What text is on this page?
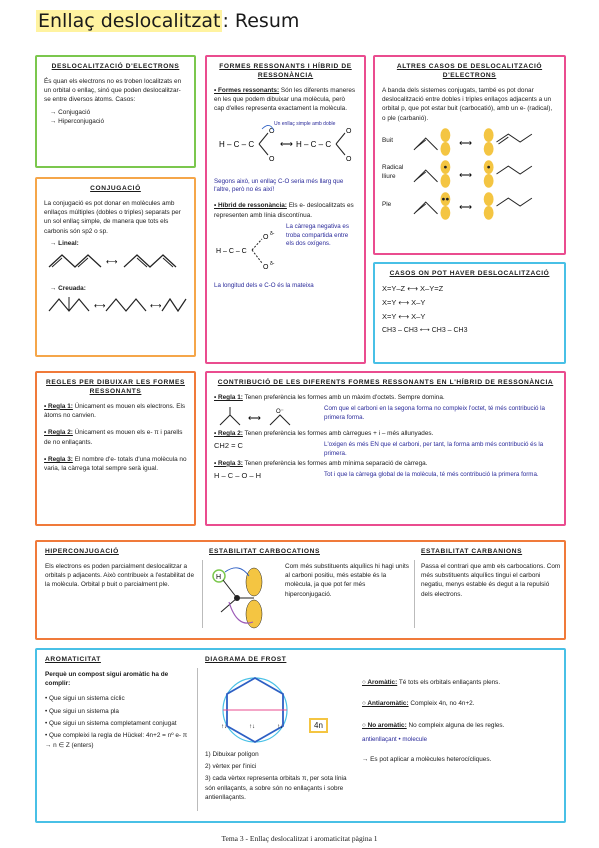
Enllaç deslocalitzat : Resum
DESLOCALITZACIÓ D'ELECTRONS

És quan els electrons no es troben localitzats en un orbital o enllaç, sinó que poden deslocalitzar-se entre diversos àtoms. Casos:

→ Conjugació
→ Hiperconjugació
CONJUGACIÓ

La conjugació es pot donar en molècules amb enllaços múltiples (dobles o triples) separats per un sol enllaç simple, de manera que tots els carbonis són sp2 o sp.

→ Lineal:
⟷
→ Creuada:
⟷	⟷
FORMES RESSONANTS I HÍBRID DE RESSONÀNCIA

• Formes ressonants: Són les diferents maneres en les que podem dibuixar una molècula, però cap d'elles representa exactament la molècula.

Un enllaç simple amb doble
H – C – C
O
O
⟷ H – C – C
O
O

Segons això, un enllaç C-O seria més llarg que l'altre, però no és així!

• Híbrid de ressonància: Els e- deslocalitzats es representen amb línia discontínua.

H – C – C
O
O
δ-
δ-
La càrrega negativa es troba compartida entre els dos oxígens.

La longitud dels e C-O és la mateixa

ALTRES CASOS DE DESLOCALITZACIÓ D'ELECTRONS

A banda dels sistemes conjugats, també es pot donar deslocalització entre dobles i triples enllaços adjacents a un orbital p, que pot estar buit (carbocatió), amb un e- (radical), o ple (carbanió).

Buit	⟷
Radical lliure	⟷
Ple	⟷
CASOS ON POT HAVER DESLOCALITZACIÓ
X=Y–Z ⟷ X–Y=Z
X=Y ⟷ X–Y
X=Y ⟷ X–Y
CH3 – CH3 ⟷ CH3 – CH3
REGLES PER DIBUIXAR LES FORMES RESSONANTS

• Regla 1: Únicament es mouen els electrons. Els àtoms no canvien.

• Regla 2: Únicament es mouen els e- π i parells de no enllaçants.

• Regla 3: El nombre d'e- totals d'una molècula no varia, la càrrega total sempre serà igual.

CONTRIBUCIÓ DE LES DIFERENTS FORMES RESSONANTS EN L'HÍBRID DE RESSONÀNCIA

• Regla 1: Tenen preferència les formes amb un màxim d'octets. Sempre domina.

⟷
O⁻	Com que el carboni en la segona forma no compleix l'octet, té més contribució la primera forma.

• Regla 2: Tenen preferència les formes amb càrregues + i – més allunyades.

CH2 = C	L'oxigen és més EN que el carboni, per tant, la forma amb més contribució és la primera.

• Regla 3: Tenen preferència les formes amb mínima separació de càrrega.

H – C – O – H	Tot i que la càrrega global de la molècula, té més contribució la primera forma.
HIPERCONJUGACIÓ

Els electrons es poden parcialment deslocalitzar a orbitals p adjacents. Això contribueix a l'estabilitat de la molècula. Orbital p buit o parcialment ple.

ESTABILITAT CARBOCATIONS
H

Com més substituents alquílics hi hagi units al carboni positiu, més estable és la molècula, ja que pot fer més hiperconjugació.

ESTABILITAT CARBANIONS

Passa el contrari que amb els carbocations. Com més substituents alquílics tingui el carboni negatiu, menys estable és degut a la repulsió dels electrons.

AROMATICITAT

Perquè un compost sigui aromàtic ha de complir:

• Que sigui un sistema cíclic
• Que sigui un sistema pla
• Que sigui un sistema completament conjugat
• Que compleixi la regla de Hückel: 4n+2 = nº e- π → n ∈ Z (enters)
DIAGRAMA DE FROST
↑↓
↑↓	↑↓	4n
1) Dibuixar polígon
2) vèrtex per l'inici
3) cada vèrtex representa orbitals π, per sota línia són enllaçants, a sobre són no enllaçants i sobre antienllaçants.

○ Aromàtic: Té tots els orbitals enllaçants plens.

○ Antiaromàtic: Compleix 4n, no 4n+2.

○ No aromàtic: No compleix alguna de les regles.

antienllaçant • molecule

→ Es pot aplicar a molècules heterocícliques.

Tema 3 - Enllaç deslocalitzat i aromaticitat pàgina 1
